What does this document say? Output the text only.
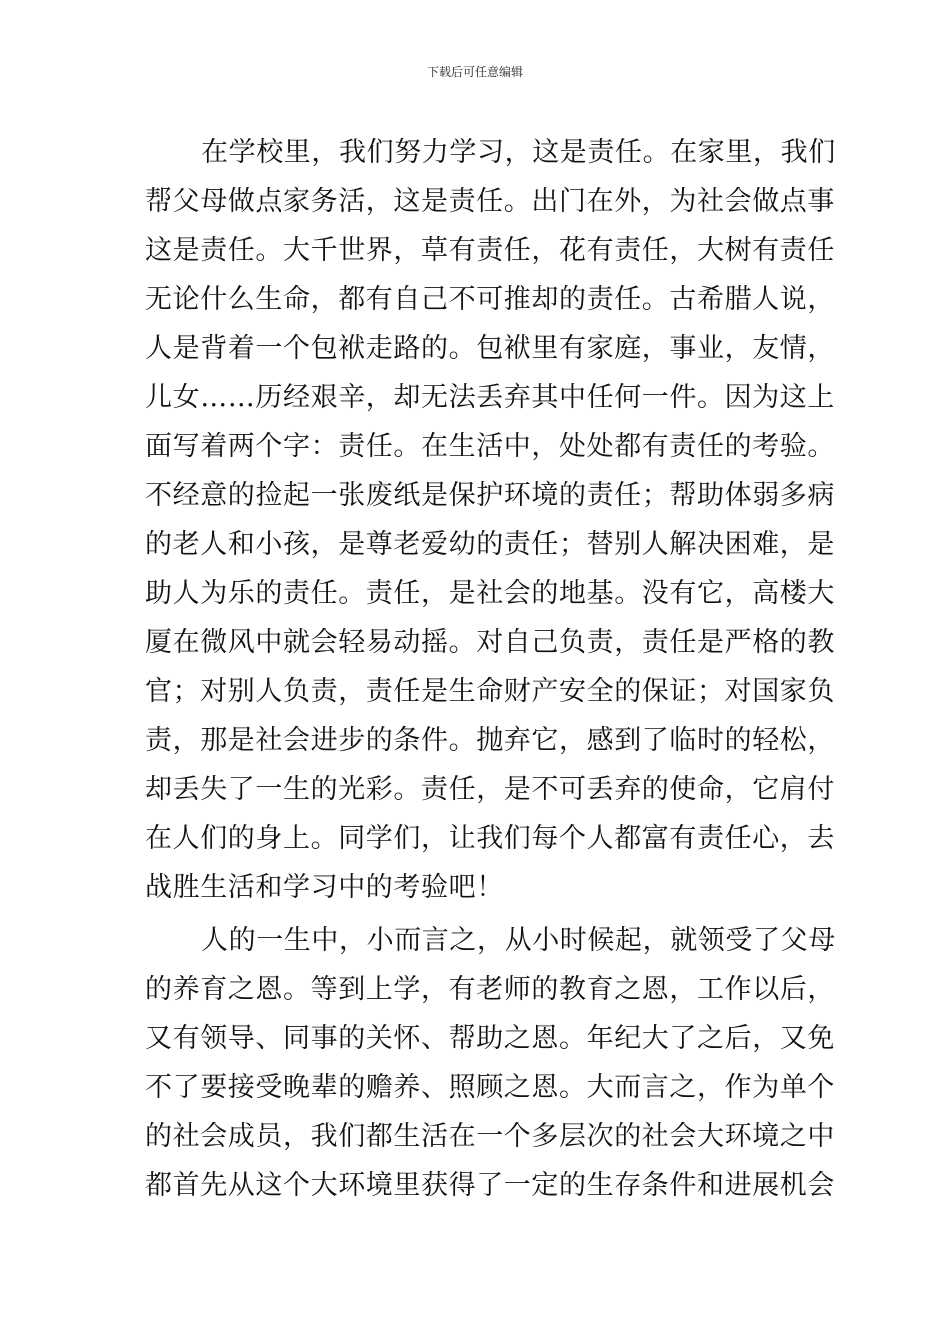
下载后可任意编辑
在学校里，我们努力学习，这是责任。在家里，我们
帮父母做点家务活，这是责任。出门在外，为社会做点事
这是责任。大千世界，草有责任，花有责任，大树有责任
无论什么生命，都有自己不可推却的责任。古希腊人说，
人是背着一个包袱走路的。包袱里有家庭，事业，友情，
儿女……历经艰辛，却无法丢弃其中任何一件。因为这上
面写着两个字：责任。在生活中，处处都有责任的考验。
不经意的捡起一张废纸是保护环境的责任；帮助体弱多病
的老人和小孩，是尊老爱幼的责任；替别人解决困难，是
助人为乐的责任。责任，是社会的地基。没有它，高楼大
厦在微风中就会轻易动摇。对自己负责，责任是严格的教
官；对别人负责，责任是生命财产安全的保证；对国家负
责，那是社会进步的条件。抛弃它，感到了临时的轻松，
却丢失了一生的光彩。责任，是不可丢弃的使命，它肩付
在人们的身上。同学们，让我们每个人都富有责任心，去
战胜生活和学习中的考验吧！
人的一生中，小而言之，从小时候起，就领受了父母
的养育之恩。等到上学，有老师的教育之恩，工作以后，
又有领导、同事的关怀、帮助之恩。年纪大了之后，又免
不了要接受晚辈的赡养、照顾之恩。大而言之，作为单个
的社会成员，我们都生活在一个多层次的社会大环境之中
都首先从这个大环境里获得了一定的生存条件和进展机会
